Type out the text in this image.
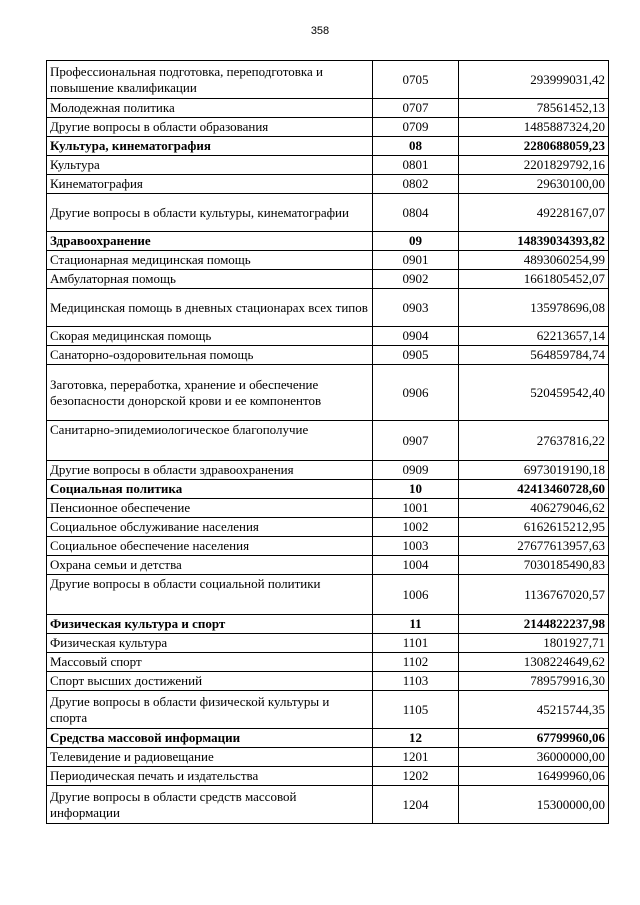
358
Профессиональная подготовка, переподготовка и повышение квалификации	0705	293999031,42
Молодежная политика	0707	78561452,13
Другие вопросы в области образования	0709	1485887324,20
Культура, кинематография	08	2280688059,23
Культура	0801	2201829792,16
Кинематография	0802	29630100,00
Другие вопросы в области культуры, кинематографии	0804	49228167,07
Здравоохранение	09	14839034393,82
Стационарная медицинская помощь	0901	4893060254,99
Амбулаторная помощь	0902	1661805452,07
Медицинская помощь в дневных стационарах всех типов	0903	135978696,08
Скорая медицинская помощь	0904	62213657,14
Санаторно-оздоровительная помощь	0905	564859784,74
Заготовка, переработка, хранение и обеспечение безопасности донорской крови и ее компонентов	0906	520459542,40
Санитарно-эпидемиологическое благополучие	0907	27637816,22
Другие вопросы в области здравоохранения	0909	6973019190,18
Социальная политика	10	42413460728,60
Пенсионное обеспечение	1001	406279046,62
Социальное обслуживание населения	1002	6162615212,95
Социальное обеспечение населения	1003	27677613957,63
Охрана семьи и детства	1004	7030185490,83
Другие вопросы в области социальной политики	1006	1136767020,57
Физическая культура и спорт	11	2144822237,98
Физическая культура	1101	1801927,71
Массовый спорт	1102	1308224649,62
Спорт высших достижений	1103	789579916,30
Другие вопросы в области физической культуры и спорта	1105	45215744,35
Средства массовой информации	12	67799960,06
Телевидение и радиовещание	1201	36000000,00
Периодическая печать и издательства	1202	16499960,06
Другие вопросы в области средств массовой информации	1204	15300000,00
